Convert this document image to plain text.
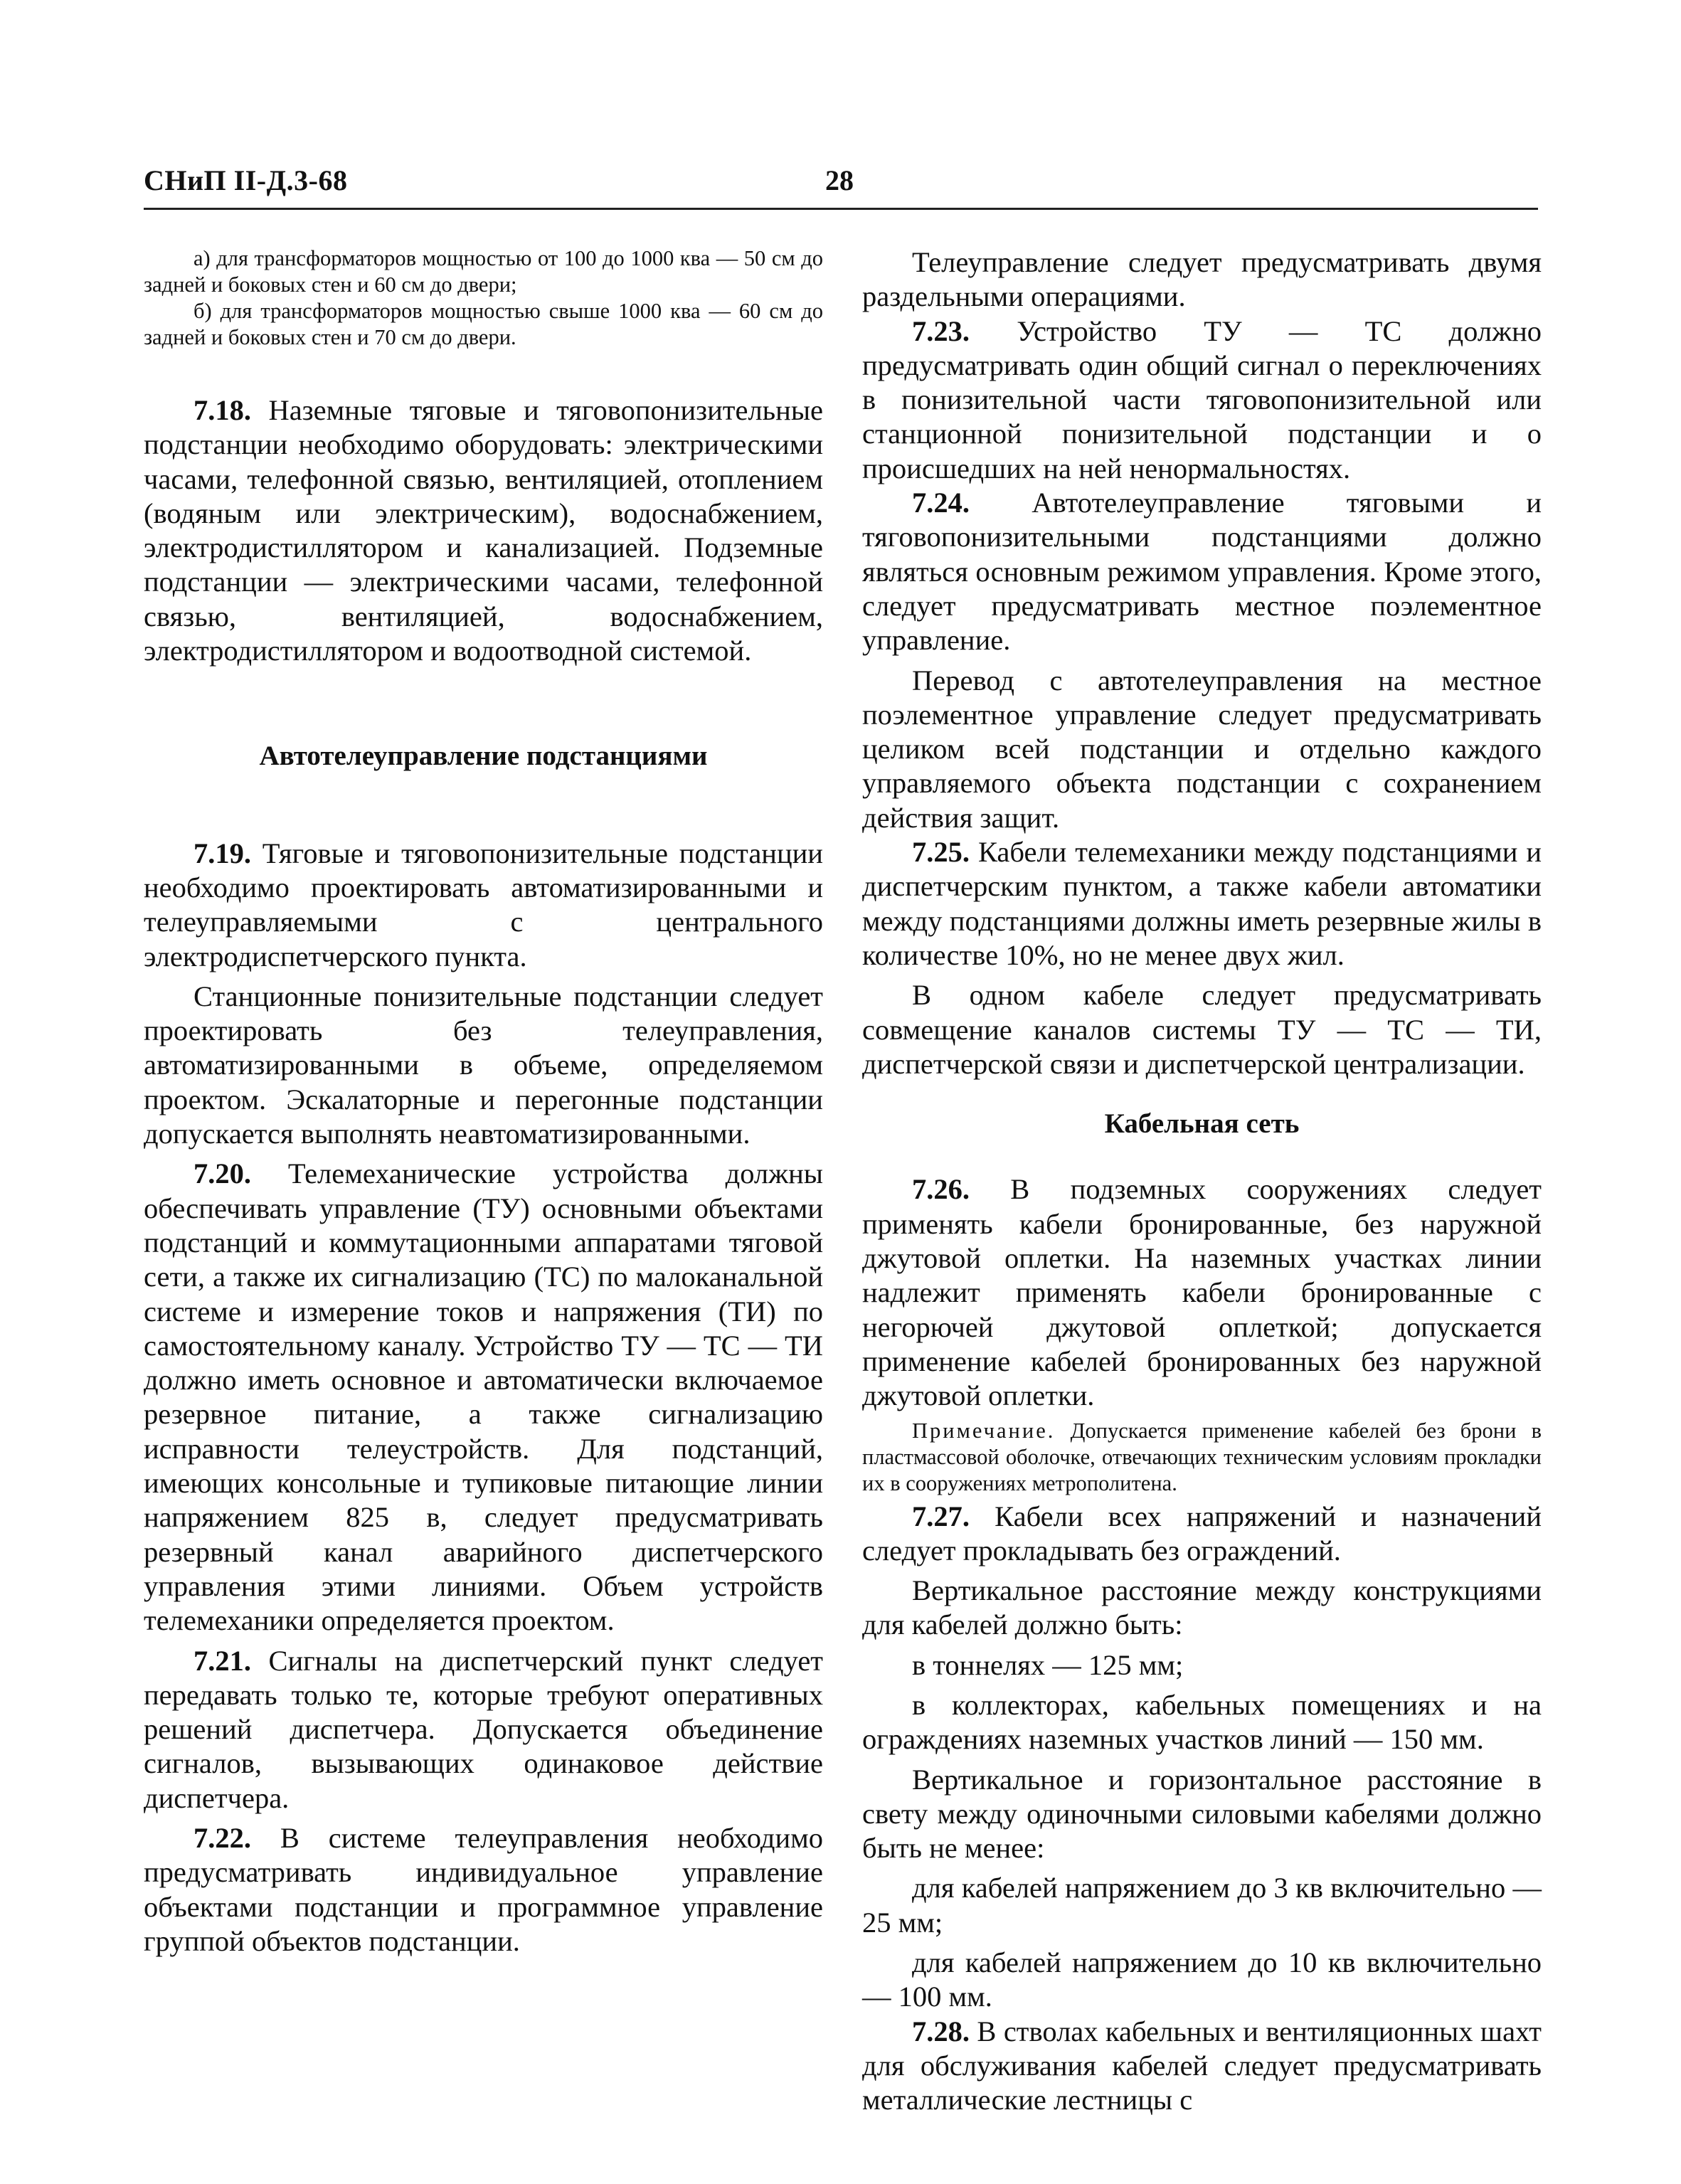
СНиП II-Д.3-68	28

а) для трансформаторов мощностью от 100 до 1000 ква — 50 см до задней и боковых стен и 60 см до двери;

б) для трансформаторов мощностью свыше 1000 ква — 60 см до задней и боковых стен и 70 см до двери.

7.18. Наземные тяговые и тяговопонизительные подстанции необходимо оборудовать: электрическими часами, телефонной связью, вентиляцией, отоплением (водяным или электрическим), водоснабжением, электродистиллятором и канализацией. Подземные подстанции — электрическими часами, телефонной связью, вентиляцией, водоснабжением, электродистиллятором и водоотводной системой.

Автотелеуправление подстанциями

7.19. Тяговые и тяговопонизительные подстанции необходимо проектировать автоматизированными и телеуправляемыми с центрального электродиспетчерского пункта.

Станционные понизительные подстанции следует проектировать без телеуправления, автоматизированными в объеме, определяемом проектом. Эскалаторные и перегонные подстанции допускается выполнять неавтоматизированными.

7.20. Телемеханические устройства должны обеспечивать управление (ТУ) основными объектами подстанций и коммутационными аппаратами тяговой сети, а также их сигнализацию (ТС) по малоканальной системе и измерение токов и напряжения (ТИ) по самостоятельному каналу. Устройство ТУ — ТС — ТИ должно иметь основное и автоматически включаемое резервное питание, а также сигнализацию исправности телеустройств. Для подстанций, имеющих консольные и тупиковые питающие линии напряжением 825 в, следует предусматривать резервный канал аварийного диспетчерского управления этими линиями. Объем устройств телемеханики определяется проектом.

7.21. Сигналы на диспетчерский пункт следует передавать только те, которые требуют оперативных решений диспетчера. Допускается объединение сигналов, вызывающих одинаковое действие диспетчера.

7.22. В системе телеуправления необходимо предусматривать индивидуальное управление объектами подстанции и программное управление группой объектов подстанции.

Телеуправление следует предусматривать двумя раздельными операциями.

7.23. Устройство ТУ — ТС должно предусматривать один общий сигнал о переключениях в понизительной части тяговопонизительной или станционной понизительной подстанции и о происшедших на ней ненормальностях.

7.24. Автотелеуправление тяговыми и тяговопонизительными подстанциями должно являться основным режимом управления. Кроме этого, следует предусматривать местное поэлементное управление.

Перевод с автотелеуправления на местное поэлементное управление следует предусматривать целиком всей подстанции и отдельно каждого управляемого объекта подстанции с сохранением действия защит.

7.25. Кабели телемеханики между подстанциями и диспетчерским пунктом, а также кабели автоматики между подстанциями должны иметь резервные жилы в количестве 10%, но не менее двух жил.

В одном кабеле следует предусматривать совмещение каналов системы ТУ — ТС — ТИ, диспетчерской связи и диспетчерской централизации.

Кабельная сеть

7.26. В подземных сооружениях следует применять кабели бронированные, без наружной джутовой оплетки. На наземных участках линии надлежит применять кабели бронированные с негорючей джутовой оплеткой; допускается применение кабелей бронированных без наружной джутовой оплетки.

Примечание. Допускается применение кабелей без брони в пластмассовой оболочке, отвечающих техническим условиям прокладки их в сооружениях метрополитена.

7.27. Кабели всех напряжений и назначений следует прокладывать без ограждений.

Вертикальное расстояние между конструкциями для кабелей должно быть:

в тоннелях — 125 мм;

в коллекторах, кабельных помещениях и на ограждениях наземных участков линий — 150 мм.

Вертикальное и горизонтальное расстояние в свету между одиночными силовыми кабелями должно быть не менее:

для кабелей напряжением до 3 кв включительно — 25 мм;

для кабелей напряжением до 10 кв включительно — 100 мм.

7.28. В стволах кабельных и вентиляционных шахт для обслуживания кабелей следует предусматривать металлические лестницы с
